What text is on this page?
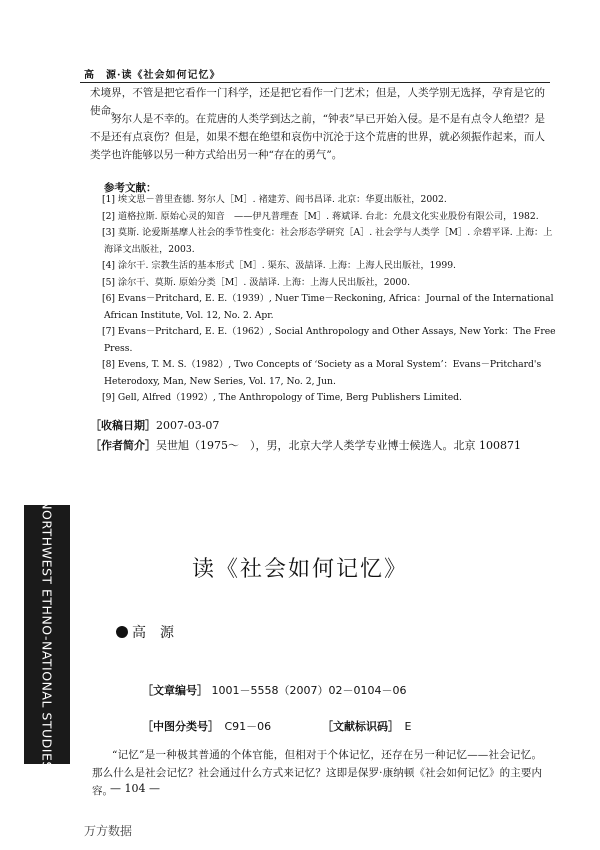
高　源·读《社会如何记忆》

术境界，不管是把它看作一门科学，还是把它看作一门艺术；但是，人类学别无选择，孕育是它的使命。

努尔人是不幸的。在荒唐的人类学到达之前，“钟表”早已开始入侵。是不是有点令人绝望？是不是还有点哀伤？但是，如果不想在绝望和哀伤中沉沦于这个荒唐的世界，就必须振作起来，而人类学也许能够以另一种方式给出另一种“存在的勇气”。

参考文献：

[1] 埃文思－普里查德. 努尔人［M］. 褚建芳、阎书昌译. 北京：华夏出版社，2002.

[2] 道格拉斯. 原始心灵的知音　——伊凡普理查［M］. 蒋斌译. 台北：允晨文化实业股份有限公司，1982.

[3] 莫斯. 论爱斯基摩人社会的季节性变化：社会形态学研究［A］. 社会学与人类学［M］. 佘碧平译. 上海：上海译文出版社，2003.

[4] 涂尔干. 宗教生活的基本形式［M］. 渠东、汲喆译. 上海：上海人民出版社，1999.

[5] 涂尔干、莫斯. 原始分类［M］. 汲喆译. 上海：上海人民出版社，2000.

[6] Evans－Pritchard, E. E.（1939）, Nuer Time－Reckoning, Africa：Journal of the International African Institute, Vol. 12, No. 2. Apr.

[7] Evans－Pritchard, E. E.（1962）, Social Anthropology and Other Assays, New York：The Free Press.

[8] Evens, T. M. S.（1982）, Two Concepts of ‘Society as a Moral System’：Evans－Pritchard's Heterodoxy, Man, New Series, Vol. 17, No. 2, Jun.

[9] Gell, Alfred（1992）, The Anthropology of Time, Berg Publishers Limited.

［收稿日期］2007-03-07
［作者简介］吴世旭（1975～　），男，北京大学人类学专业博士候选人。北京 100871
NORTHWEST ETHNO-NATIONAL STUDIES	读《社会如何记忆》
高　源
［文章编号］ 1001－5558（2007）02－0104－06
［中图分类号］　 C91－06	［文献标识码］　 E

“记忆”是一种极其普通的个体官能，但相对于个体记忆，还存在另一种记忆——社会记忆。那么什么是社会记忆？社会通过什么方式来记忆？这即是保罗·康纳顿《社会如何记忆》的主要内容。

— 104 —
万方数据
